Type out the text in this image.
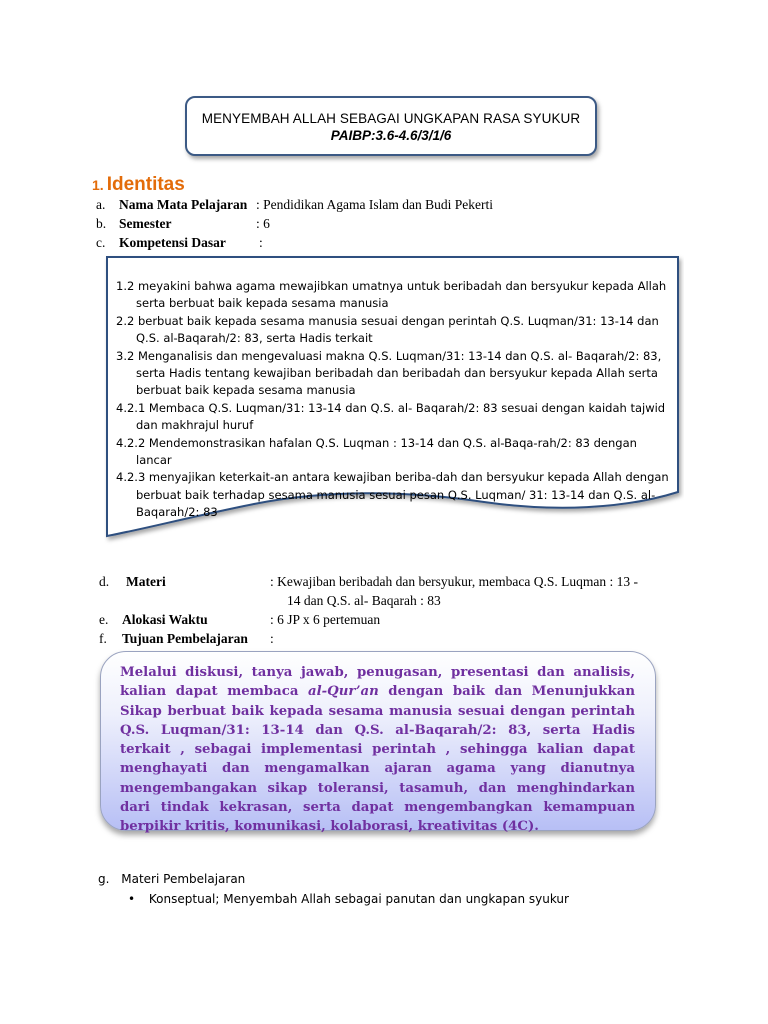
MENYEMBAH ALLAH SEBAGAI UNGKAPAN RASA SYUKUR
PAIBP:3.6-4.6/3/1/6
1. Identitas
a. Nama Mata Pelajaran : Pendidikan Agama Islam dan Budi Pekerti
b. Semester	: 6
c. Kompetensi Dasar :
1.2 meyakini bahwa agama mewajibkan umatnya untuk beribadah dan bersyukur kepada Allah serta berbuat baik kepada sesama manusia
2.2 berbuat baik kepada sesama manusia sesuai dengan perintah Q.S. Luqman/31: 13-14 dan Q.S. al-Baqarah/2: 83, serta Hadis terkait
3.2 Menganalisis dan mengevaluasi makna Q.S. Luqman/31: 13-14 dan Q.S. al- Baqarah/2: 83, serta Hadis tentang kewajiban beribadah dan beribadah dan bersyukur kepada Allah serta berbuat baik kepada sesama manusia
4.2.1 Membaca Q.S. Luqman/31: 13-14 dan Q.S. al- Baqarah/2: 83 sesuai dengan kaidah tajwid dan makhrajul huruf
4.2.2 Mendemonstrasikan hafalan Q.S. Luqman : 13-14 dan Q.S. al-Baqa-rah/2: 83 dengan lancar
4.2.3 menyajikan keterkait-an antara kewajiban beriba-dah dan bersyukur kepada Allah dengan berbuat baik terhadap sesama manusia sesuai pesan Q.S. Luqman/ 31: 13-14 dan Q.S. al-Baqarah/2: 83
d. Materi	: Kewajiban beribadah dan bersyukur, membaca Q.S. Luqman : 13 -
14 dan Q.S. al- Baqarah : 83
e. Alokasi Waktu	: 6 JP x 6 pertemuan
f. Tujuan Pembelajaran :
Melalui diskusi, tanya jawab, penugasan, presentasi dan analisis, kalian dapat membaca al-Qur’an dengan baik dan Menunjukkan Sikap berbuat baik kepada sesama manusia sesuai dengan perintah Q.S. Luqman/31: 13-14 dan Q.S. al-Baqarah/2: 83, serta Hadis terkait , sebagai implementasi perintah , sehingga kalian dapat menghayati dan mengamalkan ajaran agama yang dianutnya mengembangakan sikap toleransi, tasamuh, dan menghindarkan dari tindak kekrasan, serta dapat mengembangkan kemampuan berpikir kritis, komunikasi, kolaborasi, kreativitas (4C).
g. Materi Pembelajaran
• Konseptual; Menyembah Allah sebagai panutan dan ungkapan syukur
